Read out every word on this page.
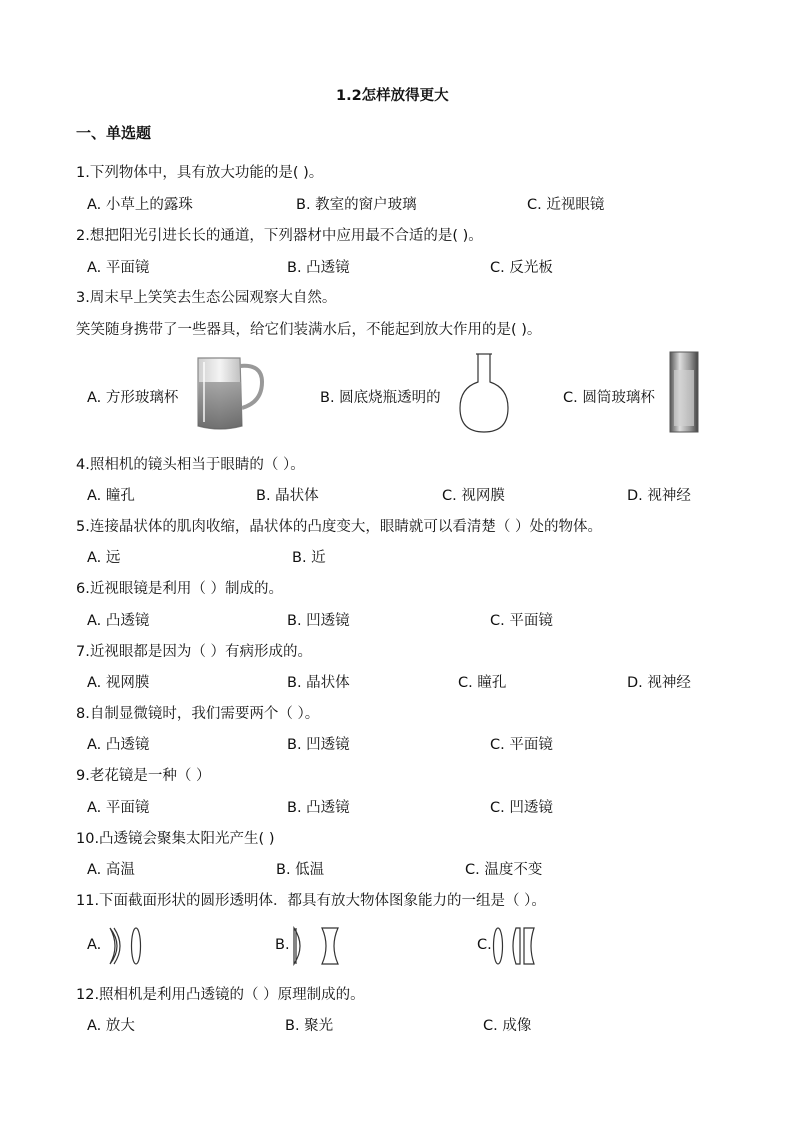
1.2怎样放得更大
一、单选题
1.下列物体中，具有放大功能的是( )。
A. 小草上的露珠	B. 教室的窗户玻璃	C. 近视眼镜
2.想把阳光引进长长的通道，下列器材中应用最不合适的是( )。
A. 平面镜	B. 凸透镜	C. 反光板
3.周末早上笑笑去生态公园观察大自然。
笑笑随身携带了一些器具，给它们装满水后，不能起到放大作用的是( )。
A. 方形玻璃杯	B. 圆底烧瓶透明的	C. 圆筒玻璃杯
4.照相机的镜头相当于眼睛的（ ）。
A. 瞳孔	B. 晶状体	C. 视网膜	D. 视神经
5.连接晶状体的肌肉收缩，晶状体的凸度变大，眼睛就可以看清楚（ ）处的物体。
A. 远	B. 近
6.近视眼镜是利用（ ）制成的。
A. 凸透镜	B. 凹透镜	C. 平面镜
7.近视眼都是因为（ ）有病形成的。
A. 视网膜	B. 晶状体	C. 瞳孔	D. 视神经
8.自制显微镜时，我们需要两个（ ）。
A. 凸透镜	B. 凹透镜	C. 平面镜
9.老花镜是一种（ ）
A. 平面镜	B. 凸透镜	C. 凹透镜
10.凸透镜会聚集太阳光产生( )
A. 高温	B. 低温	C. 温度不变
11.下面截面形状的圆形透明体．都具有放大物体图象能力的一组是（ ）。
A.	B.	C.
12.照相机是利用凸透镜的（ ）原理制成的。
A. 放大	B. 聚光	C. 成像
